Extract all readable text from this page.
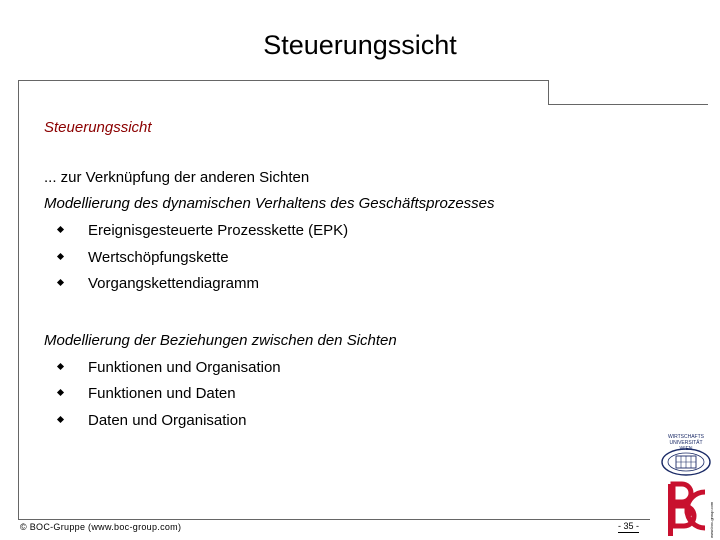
Steuerungssicht
Steuerungssicht
... zur Verknüpfung der anderen Sichten
Modellierung des dynamischen Verhaltens des Geschäftsprozesses
Ereignisgesteuerte Prozesskette (EPK)
Wertschöpfungskette
Vorgangskettendiagramm
Modellierung der Beziehungen zwischen den Sichten
Funktionen und Organisation
Funktionen und Daten
Daten und Organisation
© BOC-Gruppe (www.boc-group.com)	- 35 -
WIRTSCHAFTS
UNIVERSITÄT
WIEN
www.boc-group.com
